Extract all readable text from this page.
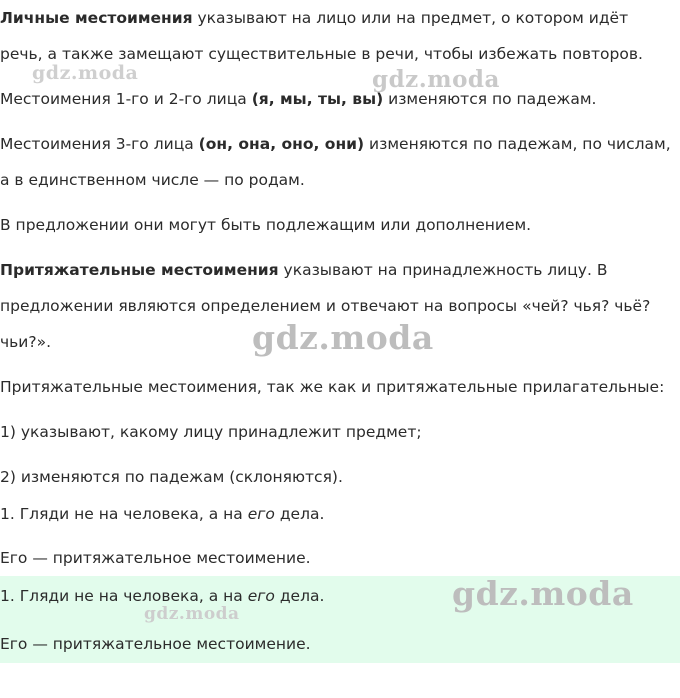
Личные местоимения указывают на лицо или на предмет, о котором идёт
речь, а также замещают существительные в речи, чтобы избежать повторов.
Местоимения 1-го и 2-го лица (я, мы, ты, вы) изменяются по падежам.
Местоимения 3-го лица (он, она, оно, они) изменяются по падежам, по числам,
а в единственном числе — по родам.
В предложении они могут быть подлежащим или дополнением.
Притяжательные местоимения указывают на принадлежность лицу. В
предложении являются определением и отвечают на вопросы «чей? чья? чьё?
чьи?».
Притяжательные местоимения, так же как и притяжательные прилагательные:
1) указывают, какому лицу принадлежит предмет;
2) изменяются по падежам (склоняются).
1. Гляди не на человека, а на его дела.
Его — притяжательное местоимение.
1. Гляди не на человека, а на его дела.
Его — притяжательное местоимение.
gdz.moda	gdz.moda
gdz.moda
gdz.moda
gdz.moda
